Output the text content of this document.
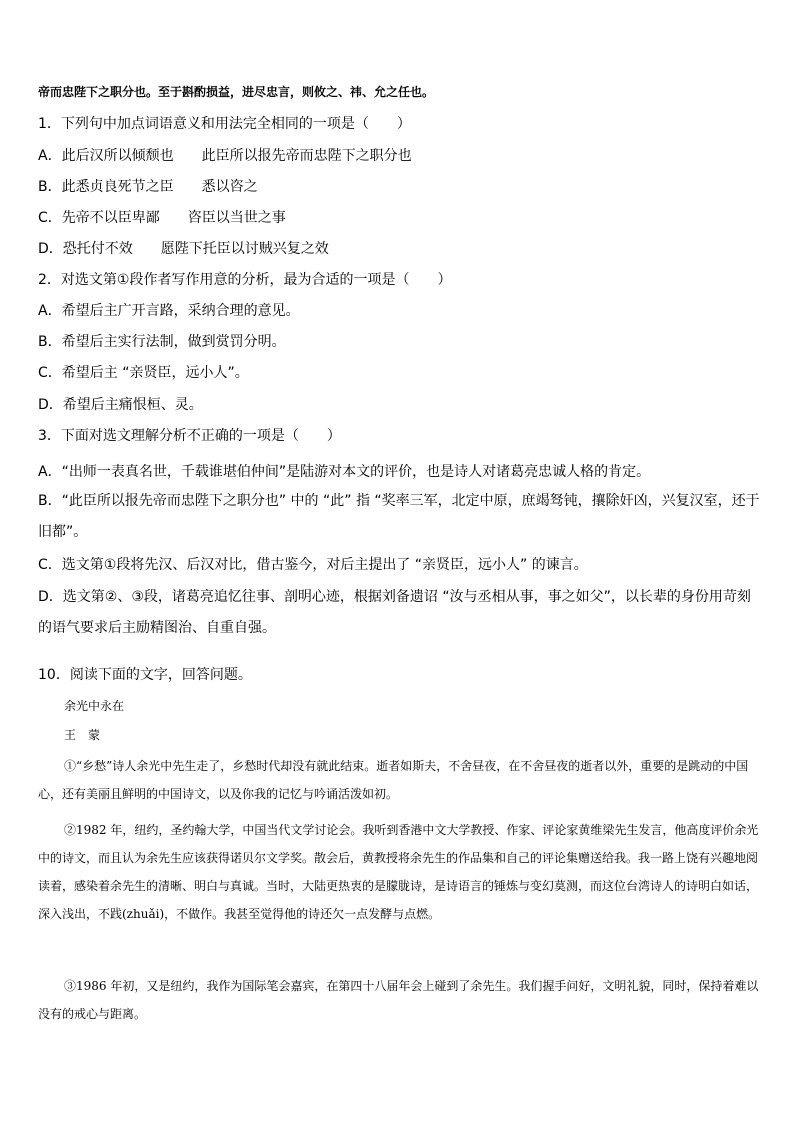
帝而忠陛下之职分也。至于斟酌损益，进尽忠言，则攸之、祎、允之任也。
1．下列句中加点词语意义和用法完全相同的一项是（　　）
A．此后汉所以倾颓也 此臣所以报先帝而忠陛下之职分也
B．此悉贞良死节之臣 悉以咨之
C．先帝不以臣卑鄙 咨臣以当世之事
D．恐托付不效 愿陛下托臣以讨贼兴复之效
2．对选文第①段作者写作用意的分析，最为合适的一项是（　　）
A．希望后主广开言路，采纳合理的意见。
B．希望后主实行法制，做到赏罚分明。
C．希望后主 “亲贤臣，远小人”。
D．希望后主痛恨桓、灵。
3．下面对选文理解分析不正确的一项是（　　）
A．“出师一表真名世，千载谁堪伯仲间”是陆游对本文的评价，也是诗人对诸葛亮忠诚人格的肯定。
B．“此臣所以报先帝而忠陛下之职分也” 中的 “此” 指 “奖率三军，北定中原，庶竭驽钝，攘除奸凶，兴复汉室，还于旧都”。
C．选文第①段将先汉、后汉对比，借古鉴今，对后主提出了 “亲贤臣，远小人” 的谏言。
D．选文第②、③段，诸葛亮追忆往事、剖明心迹，根据刘备遗诏 “汝与丞相从事，事之如父”，以长辈的身份用苛刻的语气要求后主励精图治、自重自强。
10．阅读下面的文字，回答问题。
余光中永在
王蒙
①“乡愁”诗人余光中先生走了，乡愁时代却没有就此结束。逝者如斯夫，不舍昼夜，在不舍昼夜的逝者以外，重要的是跳动的中国心，还有美丽且鲜明的中国诗文，以及你我的记忆与吟诵活泼如初。
②1982 年，纽约，圣约翰大学，中国当代文学讨论会。我听到香港中文大学教授、作家、评论家黄维梁先生发言，他高度评价余光中的诗文，而且认为余先生应该获得诺贝尔文学奖。散会后，黄教授将余先生的作品集和自己的评论集赠送给我。我一路上饶有兴趣地阅读着，感染着余先生的清晰、明白与真诚。当时，大陆更热衷的是朦胧诗，是诗语言的锤炼与变幻莫测，而这位台湾诗人的诗明白如话，深入浅出，不践(zhuǎi)，不做作。我甚至觉得他的诗还欠一点发酵与点燃。
③1986 年初，又是纽约，我作为国际笔会嘉宾，在第四十八届年会上碰到了余先生。我们握手问好，文明礼貌，同时，保持着难以没有的戒心与距离。
